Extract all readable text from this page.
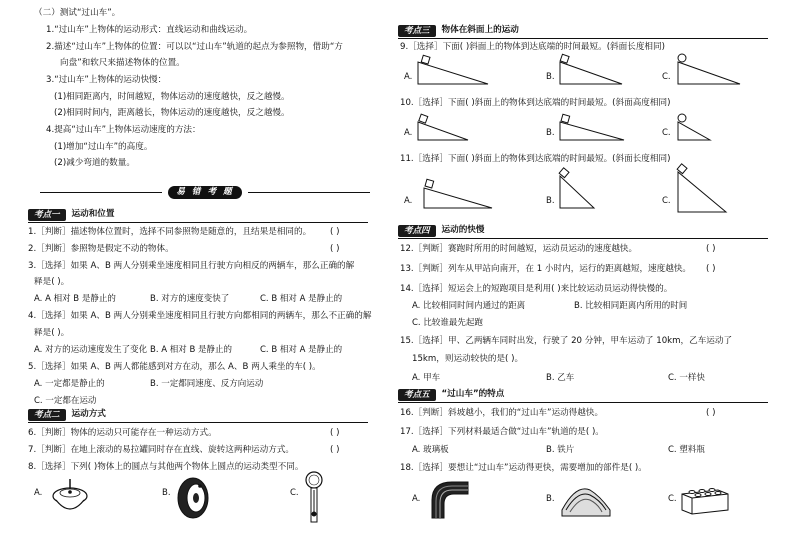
（二）测试“过山车”。
1.“过山车”上物体的运动形式：直线运动和曲线运动。
2.描述“过山车”上物体的位置：可以以“过山车”轨道的起点为参照物，借助“方
向盘”和软尺来描述物体的位置。
3.“过山车”上物体的运动快慢：
(1)相同距离内，时间越短，物体运动的速度越快，反之越慢。
(2)相同时间内，距离越长，物体运动的速度越快，反之越慢。
4.提高“过山车”上物体运动速度的方法：
(1)增加“过山车”的高度。
(2)减少弯道的数量。
易 错 考 题
考点一	运动和位置
1.［判断］描述物体位置时，选择不同参照物是随意的，且结果是相同的。 ( )
2.［判断］参照物是假定不动的物体。	( )
3.［选择］如果 A、B 两人分别乘坐速度相同且行驶方向相反的两辆车，那么正确的解
释是( )。
A. A 相对 B 是静止的	B. 对方的速度变快了	C. B 相对 A 是静止的
4.［选择］如果 A、B 两人分别乘坐速度相同且行驶方向都相同的两辆车，那么不正确的解
释是( )。
A. 对方的运动速度发生了变化 B. A 相对 B 是静止的	C. B 相对 A 是静止的
5.［选择］如果 A、B 两人都能感到对方在动，那么 A、B 两人乘坐的车( )。
A. 一定都是静止的	B. 一定都同速度、反方向运动
C. 一定都在运动
考点二	运动方式
6.［判断］物体的运动只可能存在一种运动方式。	( )
7.［判断］在地上滚动的易拉罐同时存在直线、旋转这两种运动方式。	( )
8.［选择］下列( )物体上的圆点与其他两个物体上圆点的运动类型不同。
A.	B.	C.
考点三	物体在斜面上的运动
9.［选择］下面( )斜面上的物体到达底端的时间最短。(斜面长度相同)
A.	B.	C.
10.［选择］下面( )斜面上的物体到达底端的时间最短。(斜面高度相同)
A.	B.	C.
11.［选择］下面( )斜面上的物体到达底端的时间最短。(斜面长度相同)
A.	B.	C.
考点四	运动的快慢
12.［判断］赛跑时所用的时间越短，运动员运动的速度越快。	( )
13.［判断］列车从甲站向南开，在 1 小时内，运行的距离越短，速度越快。 ( )
14.［选择］短运会上的短跑项目是利用( )来比较运动员运动得快慢的。
A. 比较相同时间内通过的距离	B. 比较相同距离内所用的时间
C. 比较谁最先起跑
15.［选择］甲、乙两辆车同时出发，行驶了 20 分钟，甲车运动了 10km，乙车运动了
15km，则运动较快的是( )。
A. 甲车	B. 乙车	C. 一样快
考点五	“过山车”的特点
16.［判断］斜坡越小，我们的“过山车”运动得越快。	( )
17.［选择］下列材料最适合做“过山车”轨道的是( )。
A. 玻璃板	B. 铁片	C. 塑料瓶
18.［选择］要想让“过山车”运动得更快，需要增加的部件是( )。
A.	B.	C.
